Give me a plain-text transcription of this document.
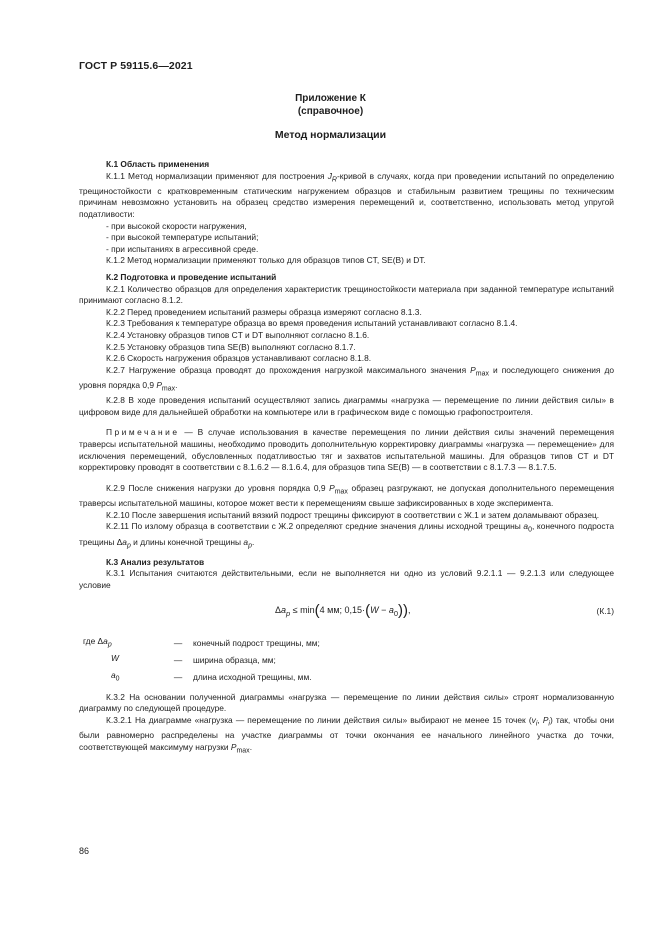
ГОСТ Р 59115.6—2021
Приложение К
(справочное)
Метод нормализации

К.1 Область применения

К.1.1 Метод нормализации применяют для построения $J_R$-кривой в случаях, когда при проведении испытаний по определению трещиностойкости с кратковременным статическим нагружением образцов и стабильным развитием трещины по техническим причинам невозможно установить на образец средство измерения перемещений и, соответственно, использовать метод упругой податливости:

- при высокой скорости нагружения,

- при высокой температуре испытаний;

- при испытаниях в агрессивной среде.

К.1.2 Метод нормализации применяют только для образцов типов CT, SE(B) и DT.

К.2 Подготовка и проведение испытаний

К.2.1 Количество образцов для определения характеристик трещиностойкости материала при заданной температуре испытаний принимают согласно 8.1.2.

К.2.2 Перед проведением испытаний размеры образца измеряют согласно 8.1.3.

К.2.3 Требования к температуре образца во время проведения испытаний устанавливают согласно 8.1.4.

К.2.4 Установку образцов типов CT и DT выполняют согласно 8.1.6.

К.2.5 Установку образцов типа SE(B) выполняют согласно 8.1.7.

К.2.6 Скорость нагружения образцов устанавливают согласно 8.1.8.

К.2.7 Нагружение образца проводят до прохождения нагрузкой максимального значения $P_{max}$ и последующего снижения до уровня порядка 0,9 $P_{max}$.

К.2.8 В ходе проведения испытаний осуществляют запись диаграммы «нагрузка — перемещение по линии действия силы» в цифровом виде для дальнейшей обработки на компьютере или в графическом виде с помощью графопостроителя.

Примечание — В случае использования в качестве перемещения по линии действия силы значений перемещения траверсы испытательной машины, необходимо проводить дополнительную корректировку диаграммы «нагрузка — перемещение» для исключения перемещений, обусловленных податливостью тяг и захватов испытательной машины. Для образцов типов CT и DT корректировку проводят в соответствии с 8.1.6.2 — 8.1.6.4, для образцов типа SE(B) — в соответствии с 8.1.7.3 — 8.1.7.5.

К.2.9 После снижения нагрузки до уровня порядка 0,9 $P_{max}$ образец разгружают, не допуская дополнительного перемещения траверсы испытательной машины, которое может вести к перемещениям свыше зафиксированных в ходе эксперимента.

К.2.10 После завершения испытаний вязкий подрост трещины фиксируют в соответствии с Ж.1 и затем доламывают образец.

К.2.11 По излому образца в соответствии с Ж.2 определяют средние значения длины исходной трещины $a_0$, конечного подроста трещины $\Delta a_p$ и длины конечной трещины $a_p$.

К.3 Анализ результатов

К.3.1 Испытания считаются действительными, если не выполняется ни одно из условий 9.2.1.1 — 9.2.1.3 или следующее условие

$\Delta a_p \le \min(4$ мм; $0,15\cdot(W - a_0)$),	(К.1)
где $\Delta a_p$	—	конечный подрост трещины, мм;
W	—	ширина образца, мм;
$a_0$	—	длина исходной трещины, мм.

К.3.2 На основании полученной диаграммы «нагрузка — перемещение по линии действия силы» строят нормализованную диаграмму по следующей процедуре.

К.3.2.1 На диаграмме «нагрузка — перемещение по линии действия силы» выбирают не менее 15 точек ($v_i$, $P_i$) так, чтобы они были равномерно распределены на участке диаграммы от точки окончания ее начального линейного участка до точки, соответствующей максимуму нагрузки $P_{max}$.

86
